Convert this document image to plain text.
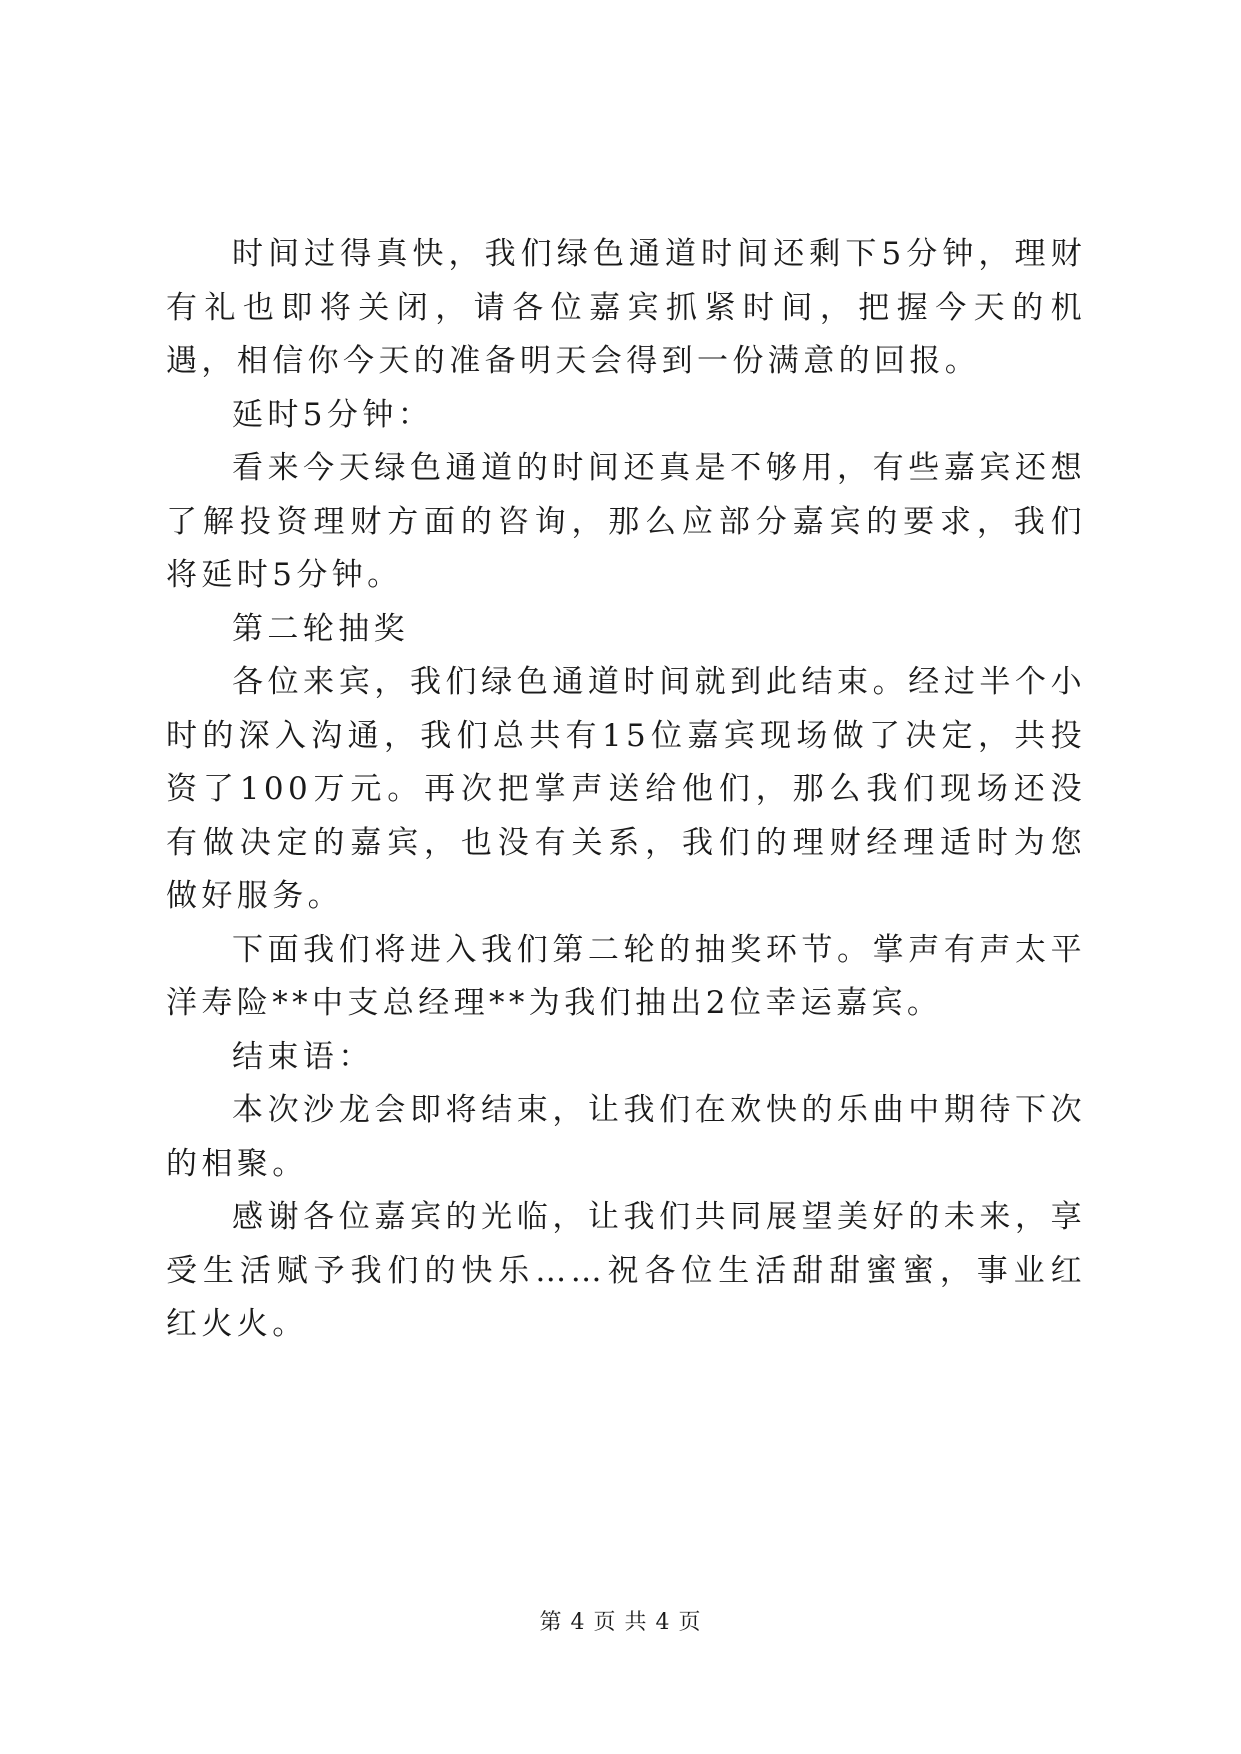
时间过得真快，我们绿色通道时间还剩下5分钟，理财有礼也即将关闭，请各位嘉宾抓紧时间，把握今天的机遇，相信你今天的准备明天会得到一份满意的回报。

延时5分钟：

看来今天绿色通道的时间还真是不够用，有些嘉宾还想了解投资理财方面的咨询，那么应部分嘉宾的要求，我们将延时5分钟。

第二轮抽奖

各位来宾，我们绿色通道时间就到此结束。经过半个小时的深入沟通，我们总共有15位嘉宾现场做了决定，共投资了100万元。再次把掌声送给他们，那么我们现场还没有做决定的嘉宾，也没有关系，我们的理财经理适时为您做好服务。

下面我们将进入我们第二轮的抽奖环节。掌声有声太平洋寿险**中支总经理**为我们抽出2位幸运嘉宾。

结束语：

本次沙龙会即将结束，让我们在欢快的乐曲中期待下次的相聚。

感谢各位嘉宾的光临，让我们共同展望美好的未来，享受生活赋予我们的快乐……祝各位生活甜甜蜜蜜，事业红红火火。

第 4 页 共 4 页
